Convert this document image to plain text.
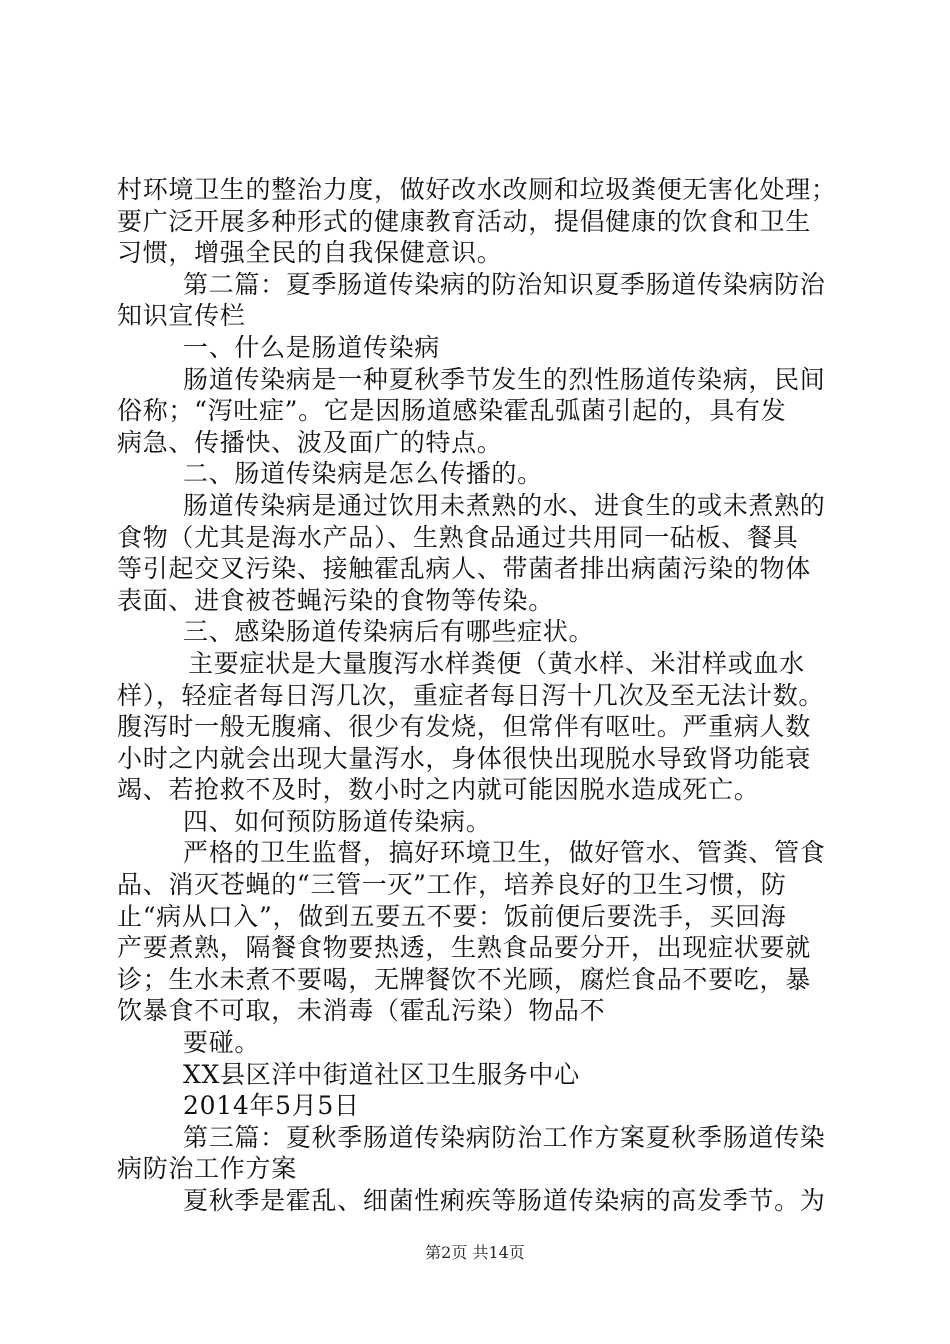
村环境卫生的整治力度，做好改水改厕和垃圾粪便无害化处理；
要广泛开展多种形式的健康教育活动，提倡健康的饮食和卫生
习惯，增强全民的自我保健意识。
第二篇：夏季肠道传染病的防治知识夏季肠道传染病防治
知识宣传栏
一、什么是肠道传染病
肠道传染病是一种夏秋季节发生的烈性肠道传染病，民间
俗称；“泻吐症”。它是因肠道感染霍乱弧菌引起的，具有发
病急、传播快、波及面广的特点。
二、肠道传染病是怎么传播的。
肠道传染病是通过饮用未煮熟的水、进食生的或未煮熟的
食物（尤其是海水产品）、生熟食品通过共用同一砧板、餐具
等引起交叉污染、接触霍乱病人、带菌者排出病菌污染的物体
表面、进食被苍蝇污染的食物等传染。
三、感染肠道传染病后有哪些症状。
主要症状是大量腹泻水样粪便（黄水样、米泔样或血水
样），轻症者每日泻几次，重症者每日泻十几次及至无法计数。
腹泻时一般无腹痛、很少有发烧，但常伴有呕吐。严重病人数
小时之内就会出现大量泻水，身体很快出现脱水导致肾功能衰
竭、若抢救不及时，数小时之内就可能因脱水造成死亡。
四、如何预防肠道传染病。
严格的卫生监督，搞好环境卫生，做好管水、管粪、管食
品、消灭苍蝇的“三管一灭”工作，培养良好的卫生习惯，防
止“病从口入”，做到五要五不要：饭前便后要洗手，买回海
产要煮熟，隔餐食物要热透，生熟食品要分开，出现症状要就
诊；生水未煮不要喝，无牌餐饮不光顾，腐烂食品不要吃，暴
饮暴食不可取，未消毒（霍乱污染）物品不
要碰。
XX县区洋中街道社区卫生服务中心
2014年5月5日
第三篇：夏秋季肠道传染病防治工作方案夏秋季肠道传染
病防治工作方案
夏秋季是霍乱、细菌性痢疾等肠道传染病的高发季节。为
第2页 共14页
